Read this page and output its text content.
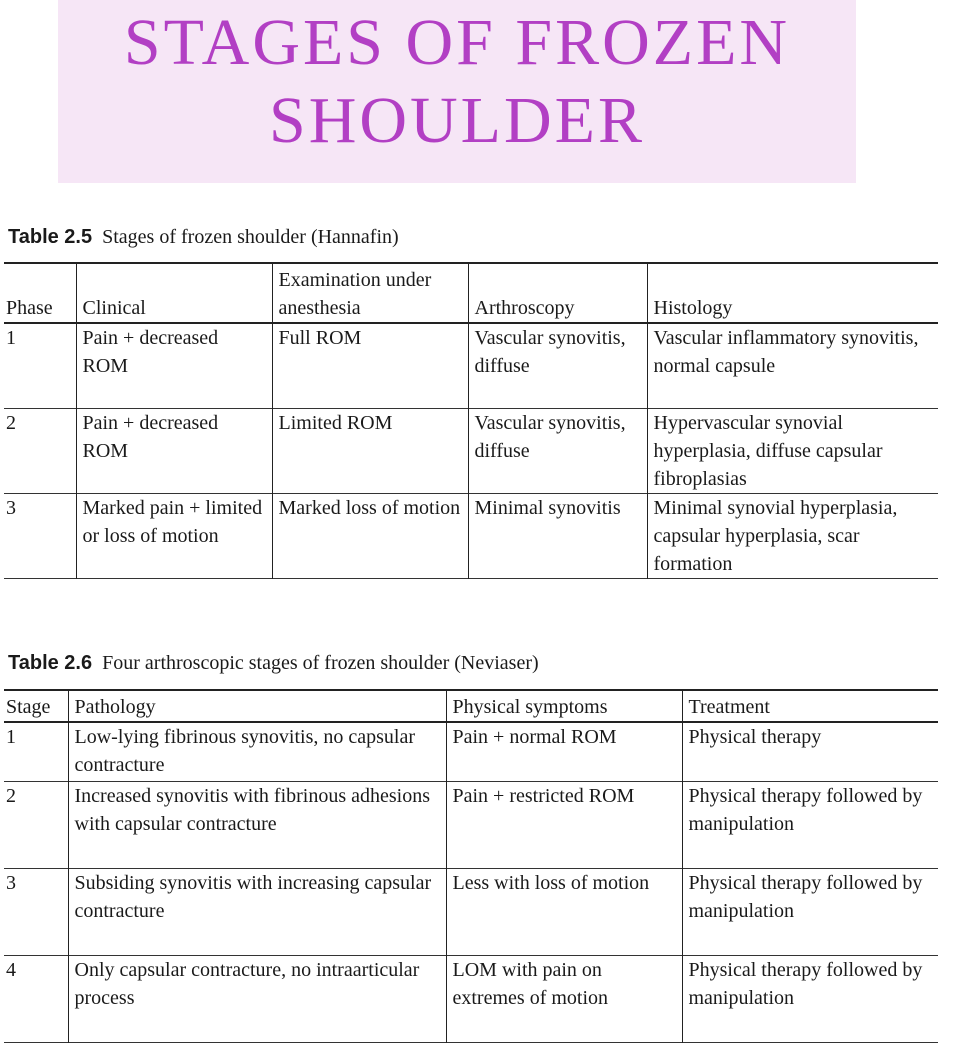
STAGES OF FROZEN
SHOULDER
Table 2.5 Stages of frozen shoulder (Hannafin)
Phase	Clinical	Examination under anesthesia	Arthroscopy	Histology
1	Pain + decreased ROM	Full ROM	Vascular synovitis, diffuse	Vascular inflammatory synovitis, normal capsule
2	Pain + decreased ROM	Limited ROM	Vascular synovitis, diffuse	Hypervascular synovial hyperplasia, diffuse capsular fibroplasias
3	Marked pain + limited or loss of motion	Marked loss of motion	Minimal synovitis	Minimal synovial hyperplasia, capsular hyperplasia, scar formation
Table 2.6 Four arthroscopic stages of frozen shoulder (Neviaser)
Stage	Pathology	Physical symptoms	Treatment
1	Low-lying fibrinous synovitis, no capsular contracture	Pain + normal ROM	Physical therapy
2	Increased synovitis with fibrinous adhesions with capsular contracture	Pain + restricted ROM	Physical therapy followed by manipulation
3	Subsiding synovitis with increasing capsular contracture	Less with loss of motion	Physical therapy followed by manipulation
4	Only capsular contracture, no intraarticular process	LOM with pain on extremes of motion	Physical therapy followed by manipulation
